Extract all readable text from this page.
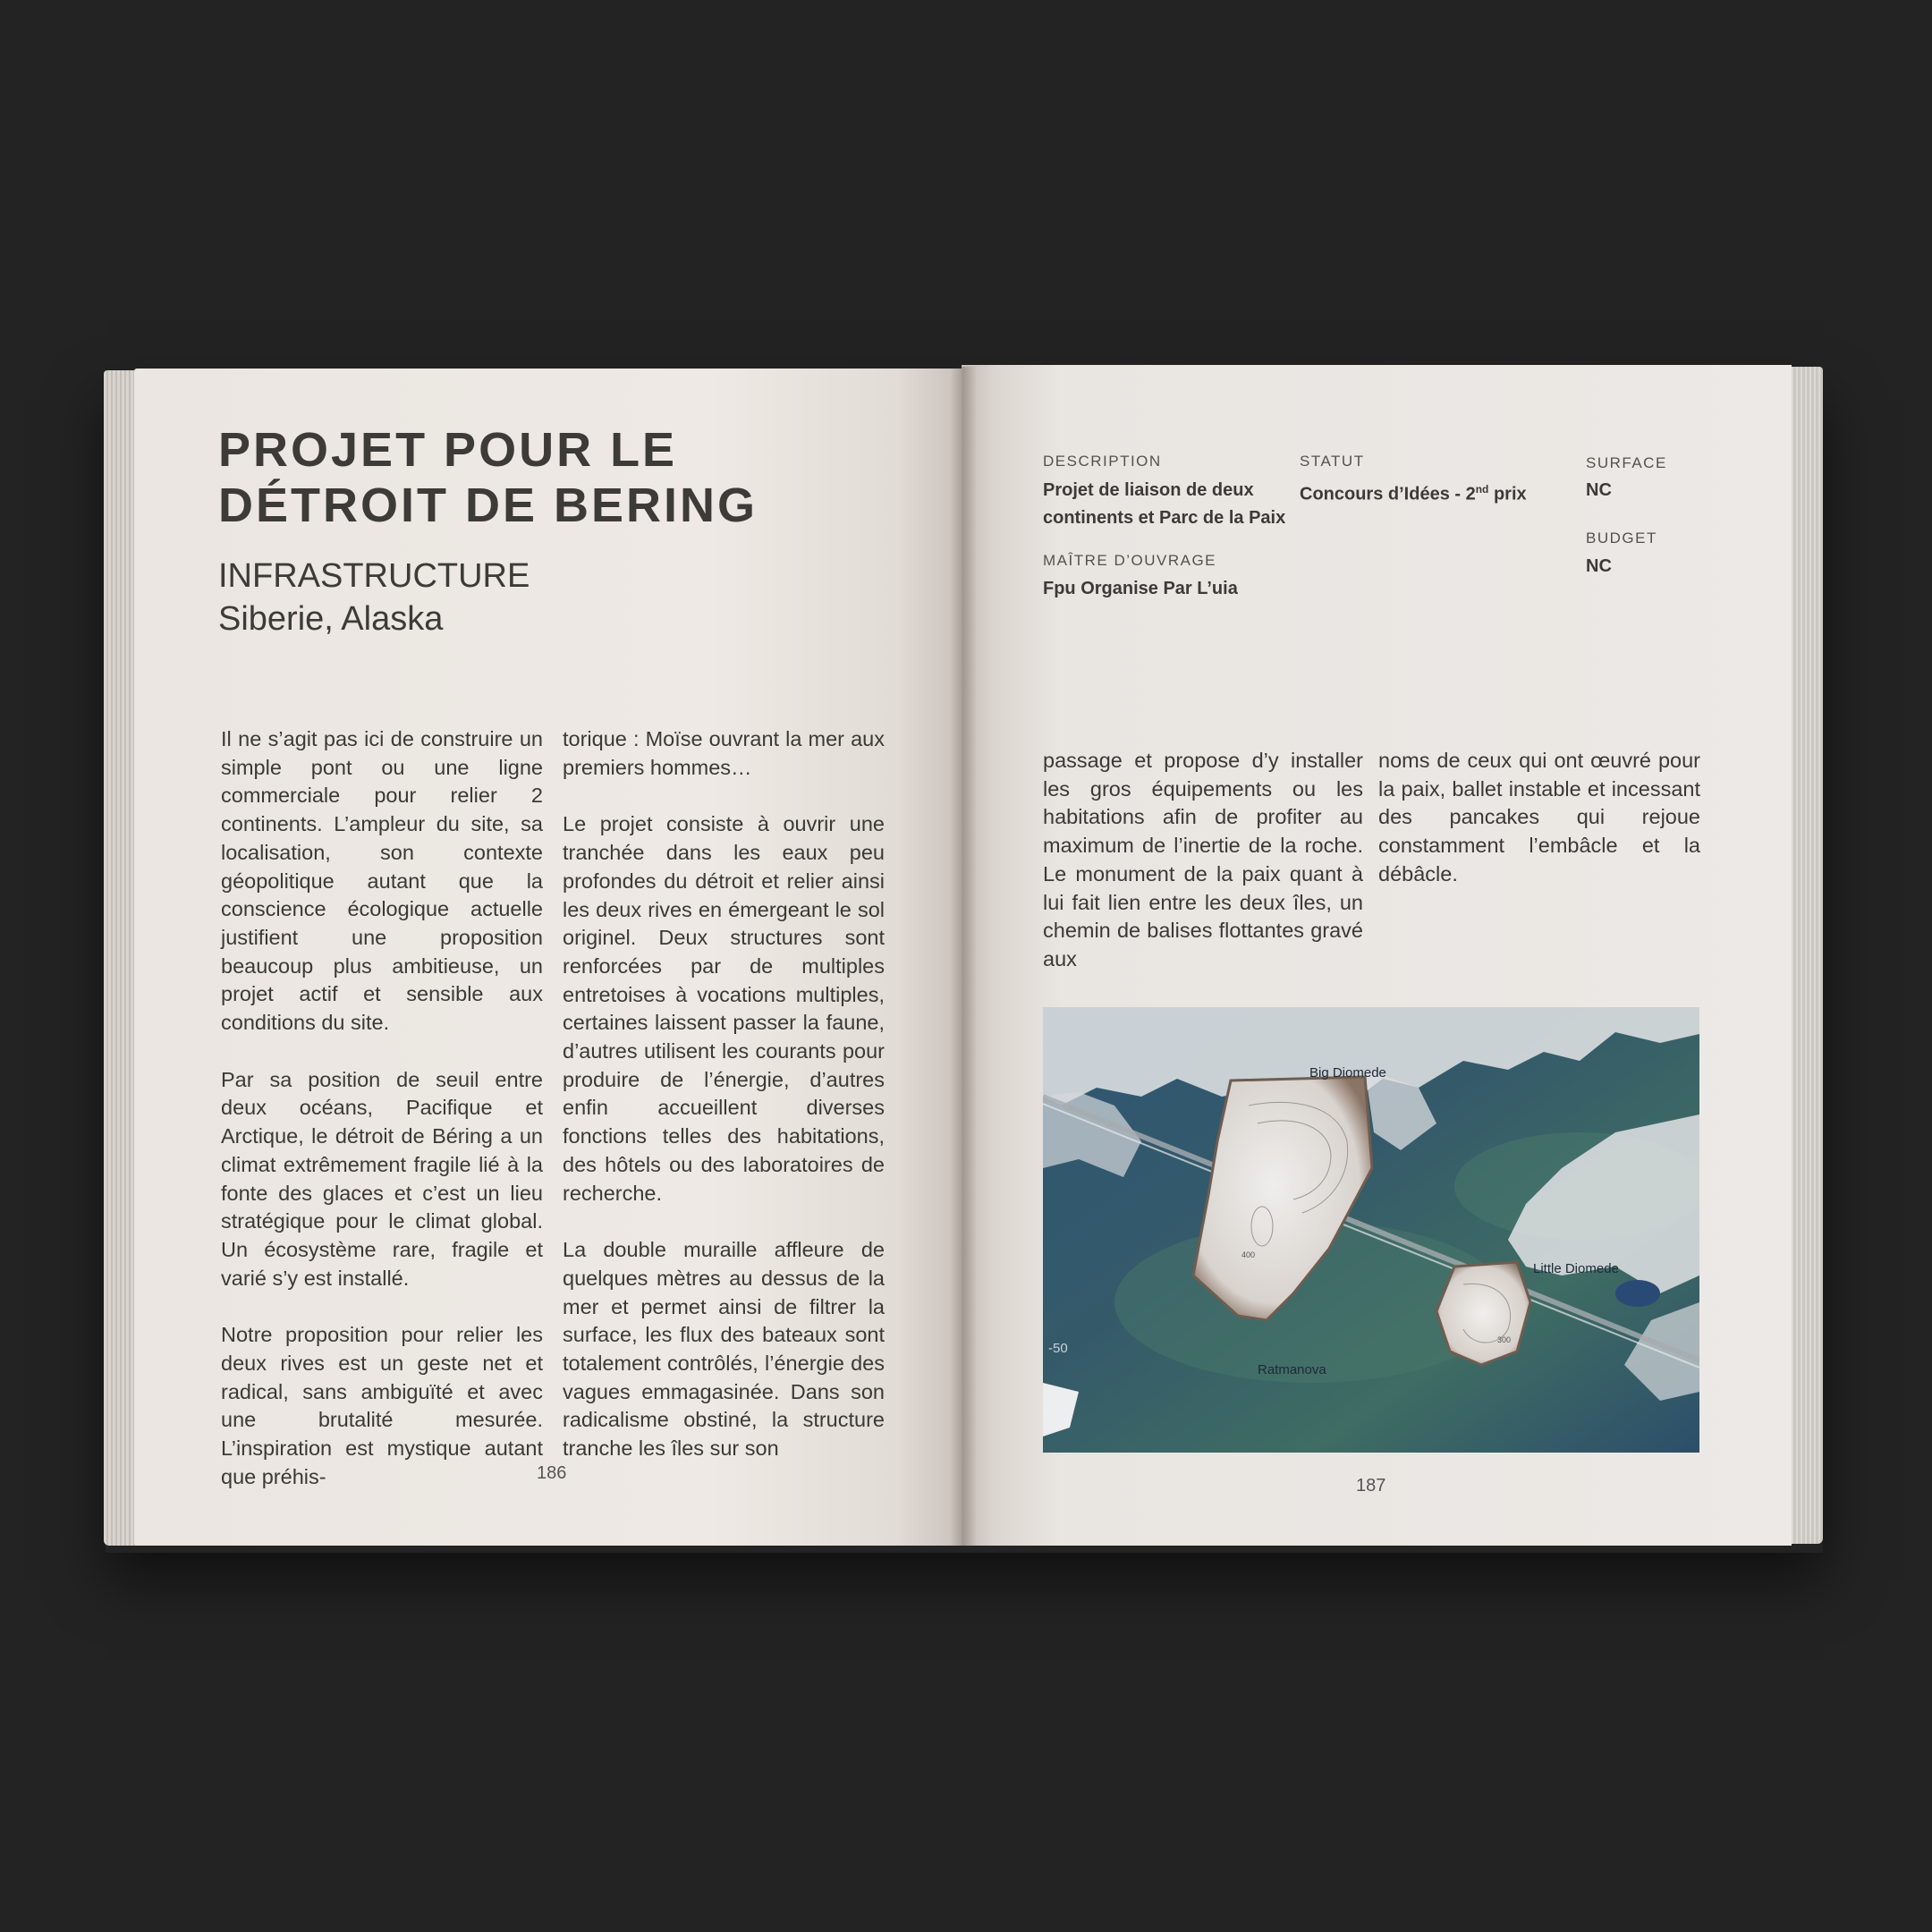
PROJET POUR LE DÉTROIT DE BERING
INFRASTRUCTURE
Siberie, Alaska

Il ne s’agit pas ici de construire un simple pont ou une ligne commerciale pour relier 2 continents. L’ampleur du site, sa localisation, son contexte géopolitique autant que la conscience écologique actuelle justifient une proposition beaucoup plus ambitieuse, un projet actif et sensible aux conditions du site.

Par sa position de seuil entre deux océans, Pacifique et Arctique, le détroit de Béring a un climat extrêmement fragile lié à la fonte des glaces et c’est un lieu stratégique pour le climat global. Un écosystème rare, fragile et varié s’y est installé.

Notre proposition pour relier les deux rives est un geste net et radical, sans ambiguïté et avec une brutalité mesurée. L’inspiration est mystique autant que préhis-

torique : Moïse ouvrant la mer aux premiers hommes…

Le projet consiste à ouvrir une tranchée dans les eaux peu profondes du détroit et relier ainsi les deux rives en émergeant le sol originel. Deux structures sont renforcées par de multiples entretoises à vocations multiples, certaines laissent passer la faune, d’autres utilisent les courants pour produire de l’énergie, d’autres enfin accueillent diverses fonctions telles des habitations, des hôtels ou des laboratoires de recherche.

La double muraille affleure de quelques mètres au dessus de la mer et permet ainsi de filtrer la surface, les flux des bateaux sont totalement contrôlés, l’énergie des vagues emmagasinée. Dans son radicalisme obstiné, la structure tranche les îles sur son

186
DESCRIPTION
Projet de liaison de deux continents et Parc de la Paix
STATUT
Concours d’Idées - 2nd prix
SURFACE
NC
MAÎTRE D’OUVRAGE
Fpu Organise Par L’uia
BUDGET
NC

passage et propose d’y installer les gros équipements ou les habitations afin de profiter au maximum de l’inertie de la roche. Le monument de la paix quant à lui fait lien entre les deux îles, un chemin de balises flottantes gravé aux

noms de ceux qui ont œuvré pour la paix, ballet instable et incessant des pancakes qui rejoue constamment l’embâcle et la débâcle.

Big Diomede
Little Diomede
Ratmanova
-50
400
300
187
